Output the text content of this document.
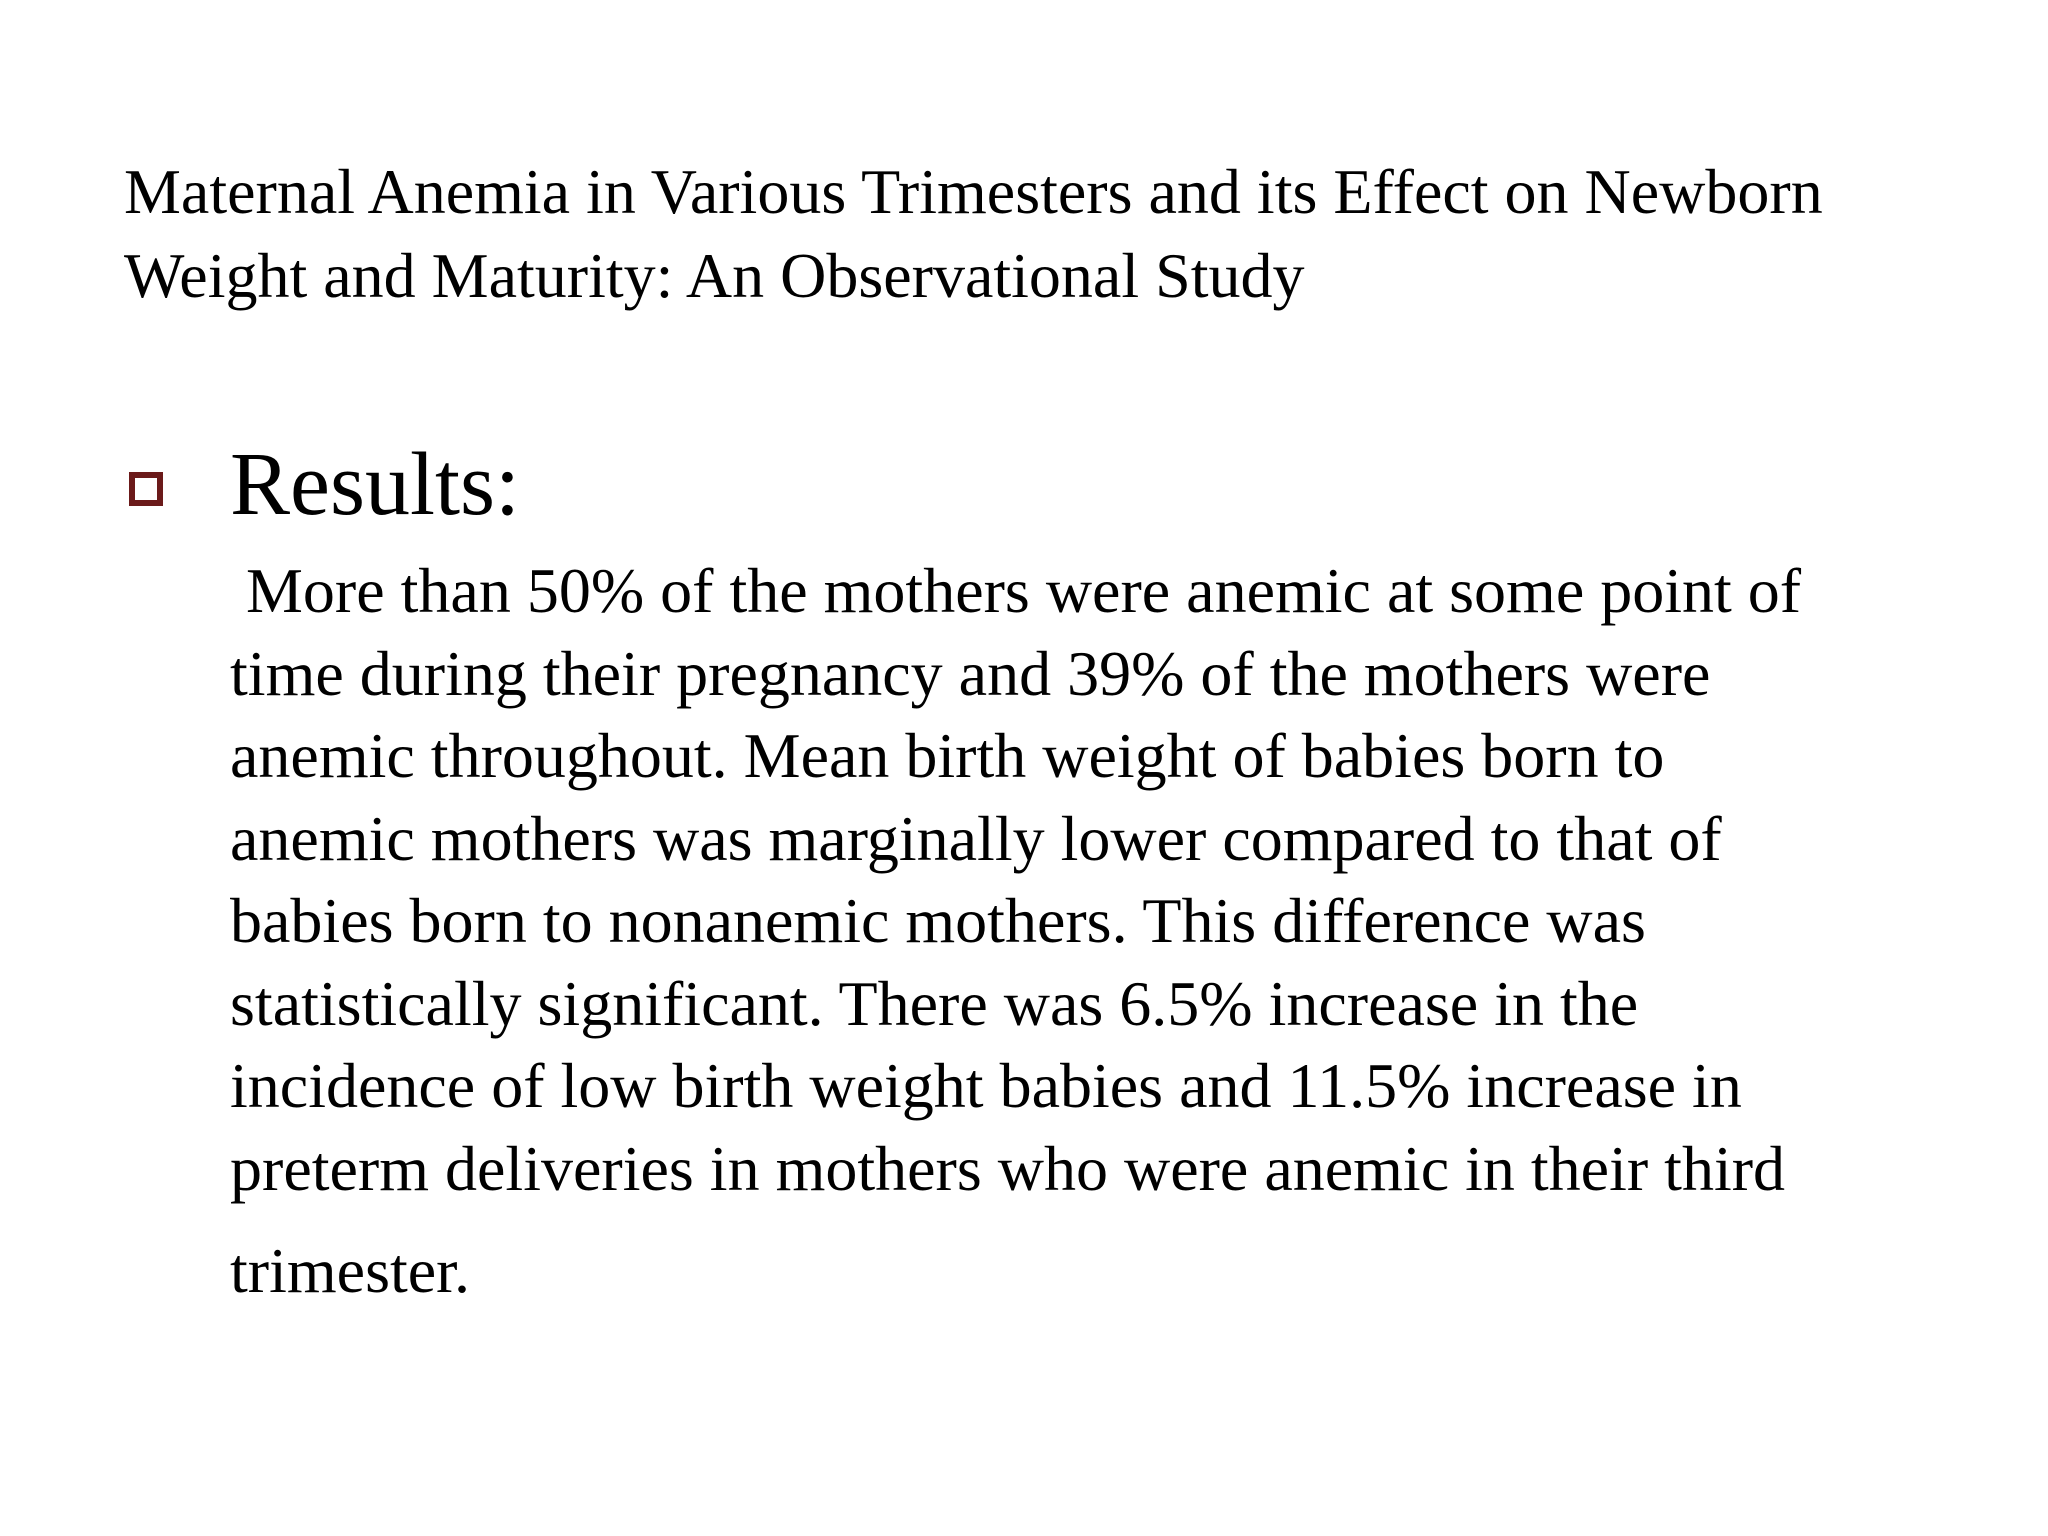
Maternal Anemia in Various Trimesters and its Effect on Newborn
Weight and Maturity: An Observational Study
Results:

More than 50% of the mothers were anemic at some point of
time during their pregnancy and 39% of the mothers were
anemic throughout. Mean birth weight of babies born to
anemic mothers was marginally lower compared to that of
babies born to nonanemic mothers. This difference was
statistically significant. There was 6.5% increase in the
incidence of low birth weight babies and 11.5% increase in
preterm deliveries in mothers who were anemic in their third
trimester.
